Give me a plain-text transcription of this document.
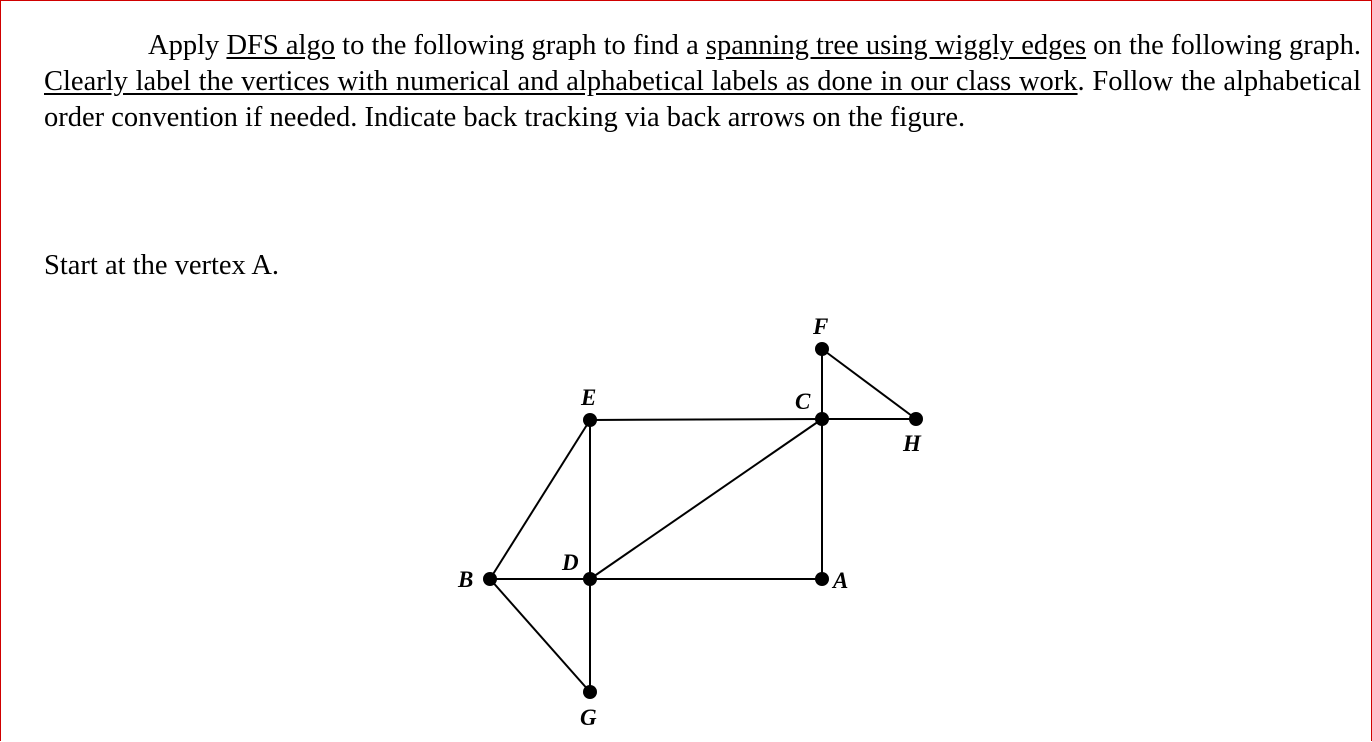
Apply DFS algo to the following graph to find a spanning tree using wiggly edges on the following graph. Clearly label the vertices with numerical and alphabetical labels as done in our class work. Follow the alphabetical order convention if needed. Indicate back tracking via back arrows on the figure.

Start at the vertex A.

A
B
C
D
E
F
G
H
